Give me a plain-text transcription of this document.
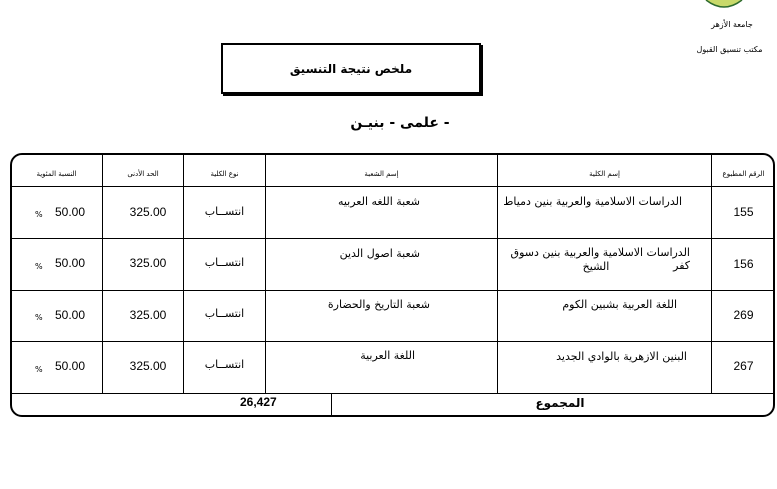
جامعة الأزهر
مكتب تنسيق القبول
ملخص نتيجة التنسيق
- علمى - بنيـن
الرقم المطبوع
إسم الكلية
إسم الشعبة
نوع الكلية
الحد الأدنى
النسبة المئوية
155
الدراسات الاسلامية والعربية بنين دمياط
شعبة اللغه العربيه
انتســاب
325.00
50.00
%
156
الدراسات الاسلامية والعربية بنين دسوق كفر
الشيخ
شعبة اصول الدين
انتســاب
325.00
50.00
%
269
اللغة العربية بشبين الكوم
شعبة التاريخ والحضارة
انتســاب
325.00
50.00
%
267
البنين الازهرية بالوادي الجديد
اللغة العربية
انتســاب
325.00
50.00
%
26,427	المجموع
